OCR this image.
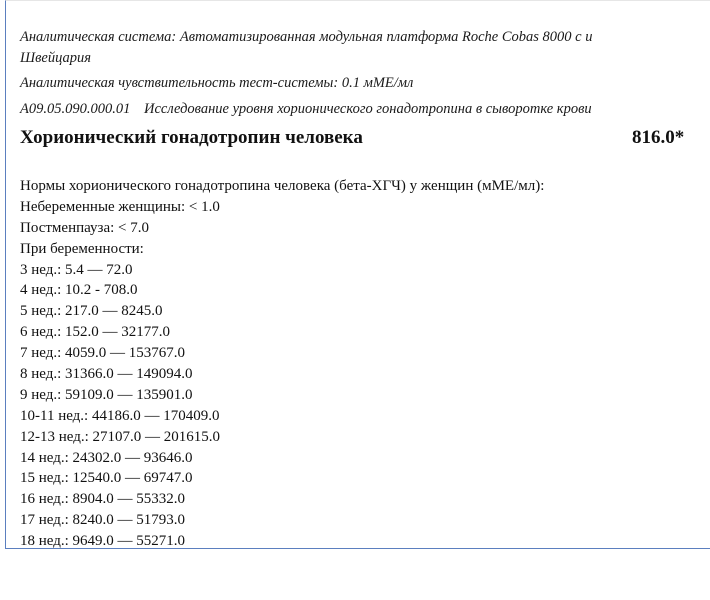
Аналитическая система: Автоматизированная модульная платформа Roche Cobas 8000 с и
Швейцария
Аналитическая чувствительность тест-системы: 0.1 мМЕ/мл
A09.05.090.000.01 Исследование уровня хорионического гонадотропина в сыворотке крови
Хорионический гонадотропин человека	816.0*
Нормы хорионического гонадотропина человека (бета-ХГЧ) у женщин (мМЕ/мл):
Небеременные женщины: < 1.0
Постменпауза: < 7.0
При беременности:
3 нед.: 5.4 — 72.0
4 нед.: 10.2 - 708.0
5 нед.: 217.0 — 8245.0
6 нед.: 152.0 — 32177.0
7 нед.: 4059.0 — 153767.0
8 нед.: 31366.0 — 149094.0
9 нед.: 59109.0 — 135901.0
10-11 нед.: 44186.0 — 170409.0
12-13 нед.: 27107.0 — 201615.0
14 нед.: 24302.0 — 93646.0
15 нед.: 12540.0 — 69747.0
16 нед.: 8904.0 — 55332.0
17 нед.: 8240.0 — 51793.0
18 нед.: 9649.0 — 55271.0
